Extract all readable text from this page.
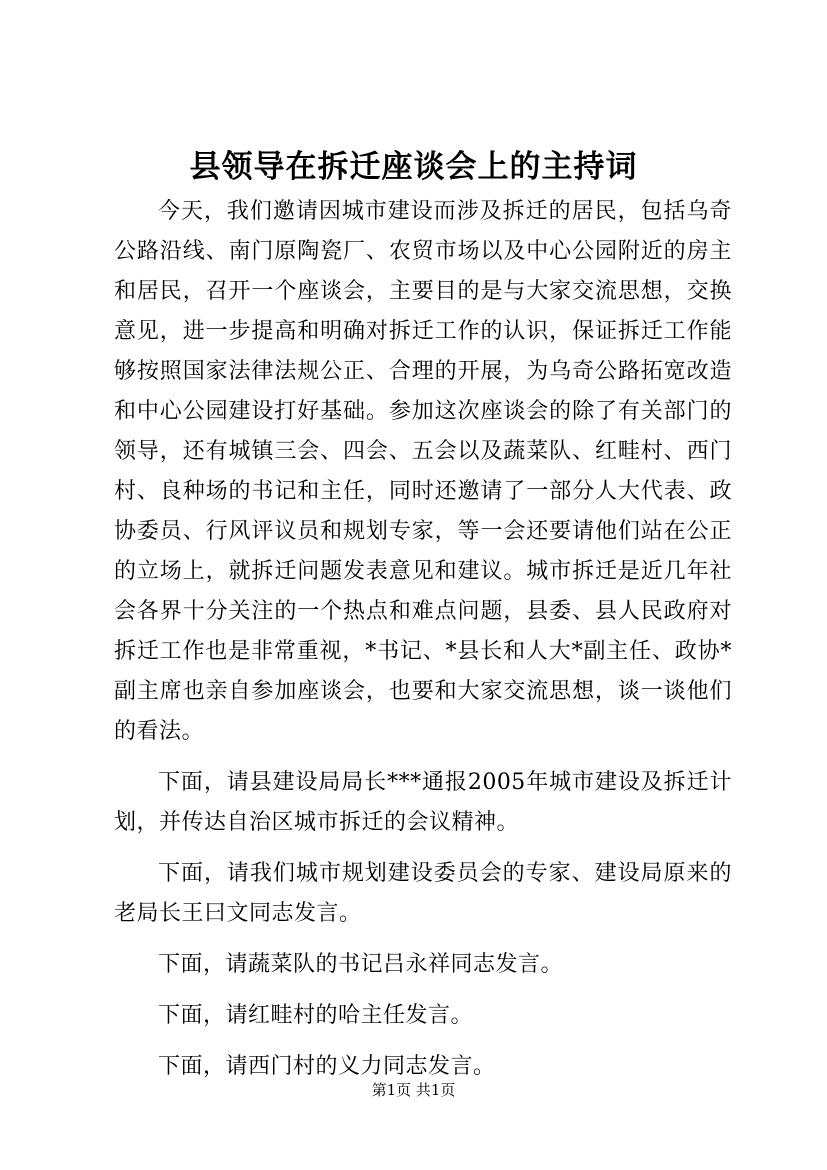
县领导在拆迁座谈会上的主持词

今天，我们邀请因城市建设而涉及拆迁的居民，包括乌奇公路沿线、南门原陶瓷厂、农贸市场以及中心公园附近的房主和居民，召开一个座谈会，主要目的是与大家交流思想，交换意见，进一步提高和明确对拆迁工作的认识，保证拆迁工作能够按照国家法律法规公正、合理的开展，为乌奇公路拓宽改造和中心公园建设打好基础。参加这次座谈会的除了有关部门的领导，还有城镇三会、四会、五会以及蔬菜队、红畦村、西门村、良种场的书记和主任，同时还邀请了一部分人大代表、政协委员、行风评议员和规划专家，等一会还要请他们站在公正的立场上，就拆迁问题发表意见和建议。城市拆迁是近几年社会各界十分关注的一个热点和难点问题，县委、县人民政府对拆迁工作也是非常重视，*书记、*县长和人大*副主任、政协*副主席也亲自参加座谈会，也要和大家交流思想，谈一谈他们的看法。

下面，请县建设局局长***通报2005年城市建设及拆迁计划，并传达自治区城市拆迁的会议精神。

下面，请我们城市规划建设委员会的专家、建设局原来的老局长王曰文同志发言。

下面，请蔬菜队的书记吕永祥同志发言。

下面，请红畦村的哈主任发言。

下面，请西门村的义力同志发言。

第1页 共1页
